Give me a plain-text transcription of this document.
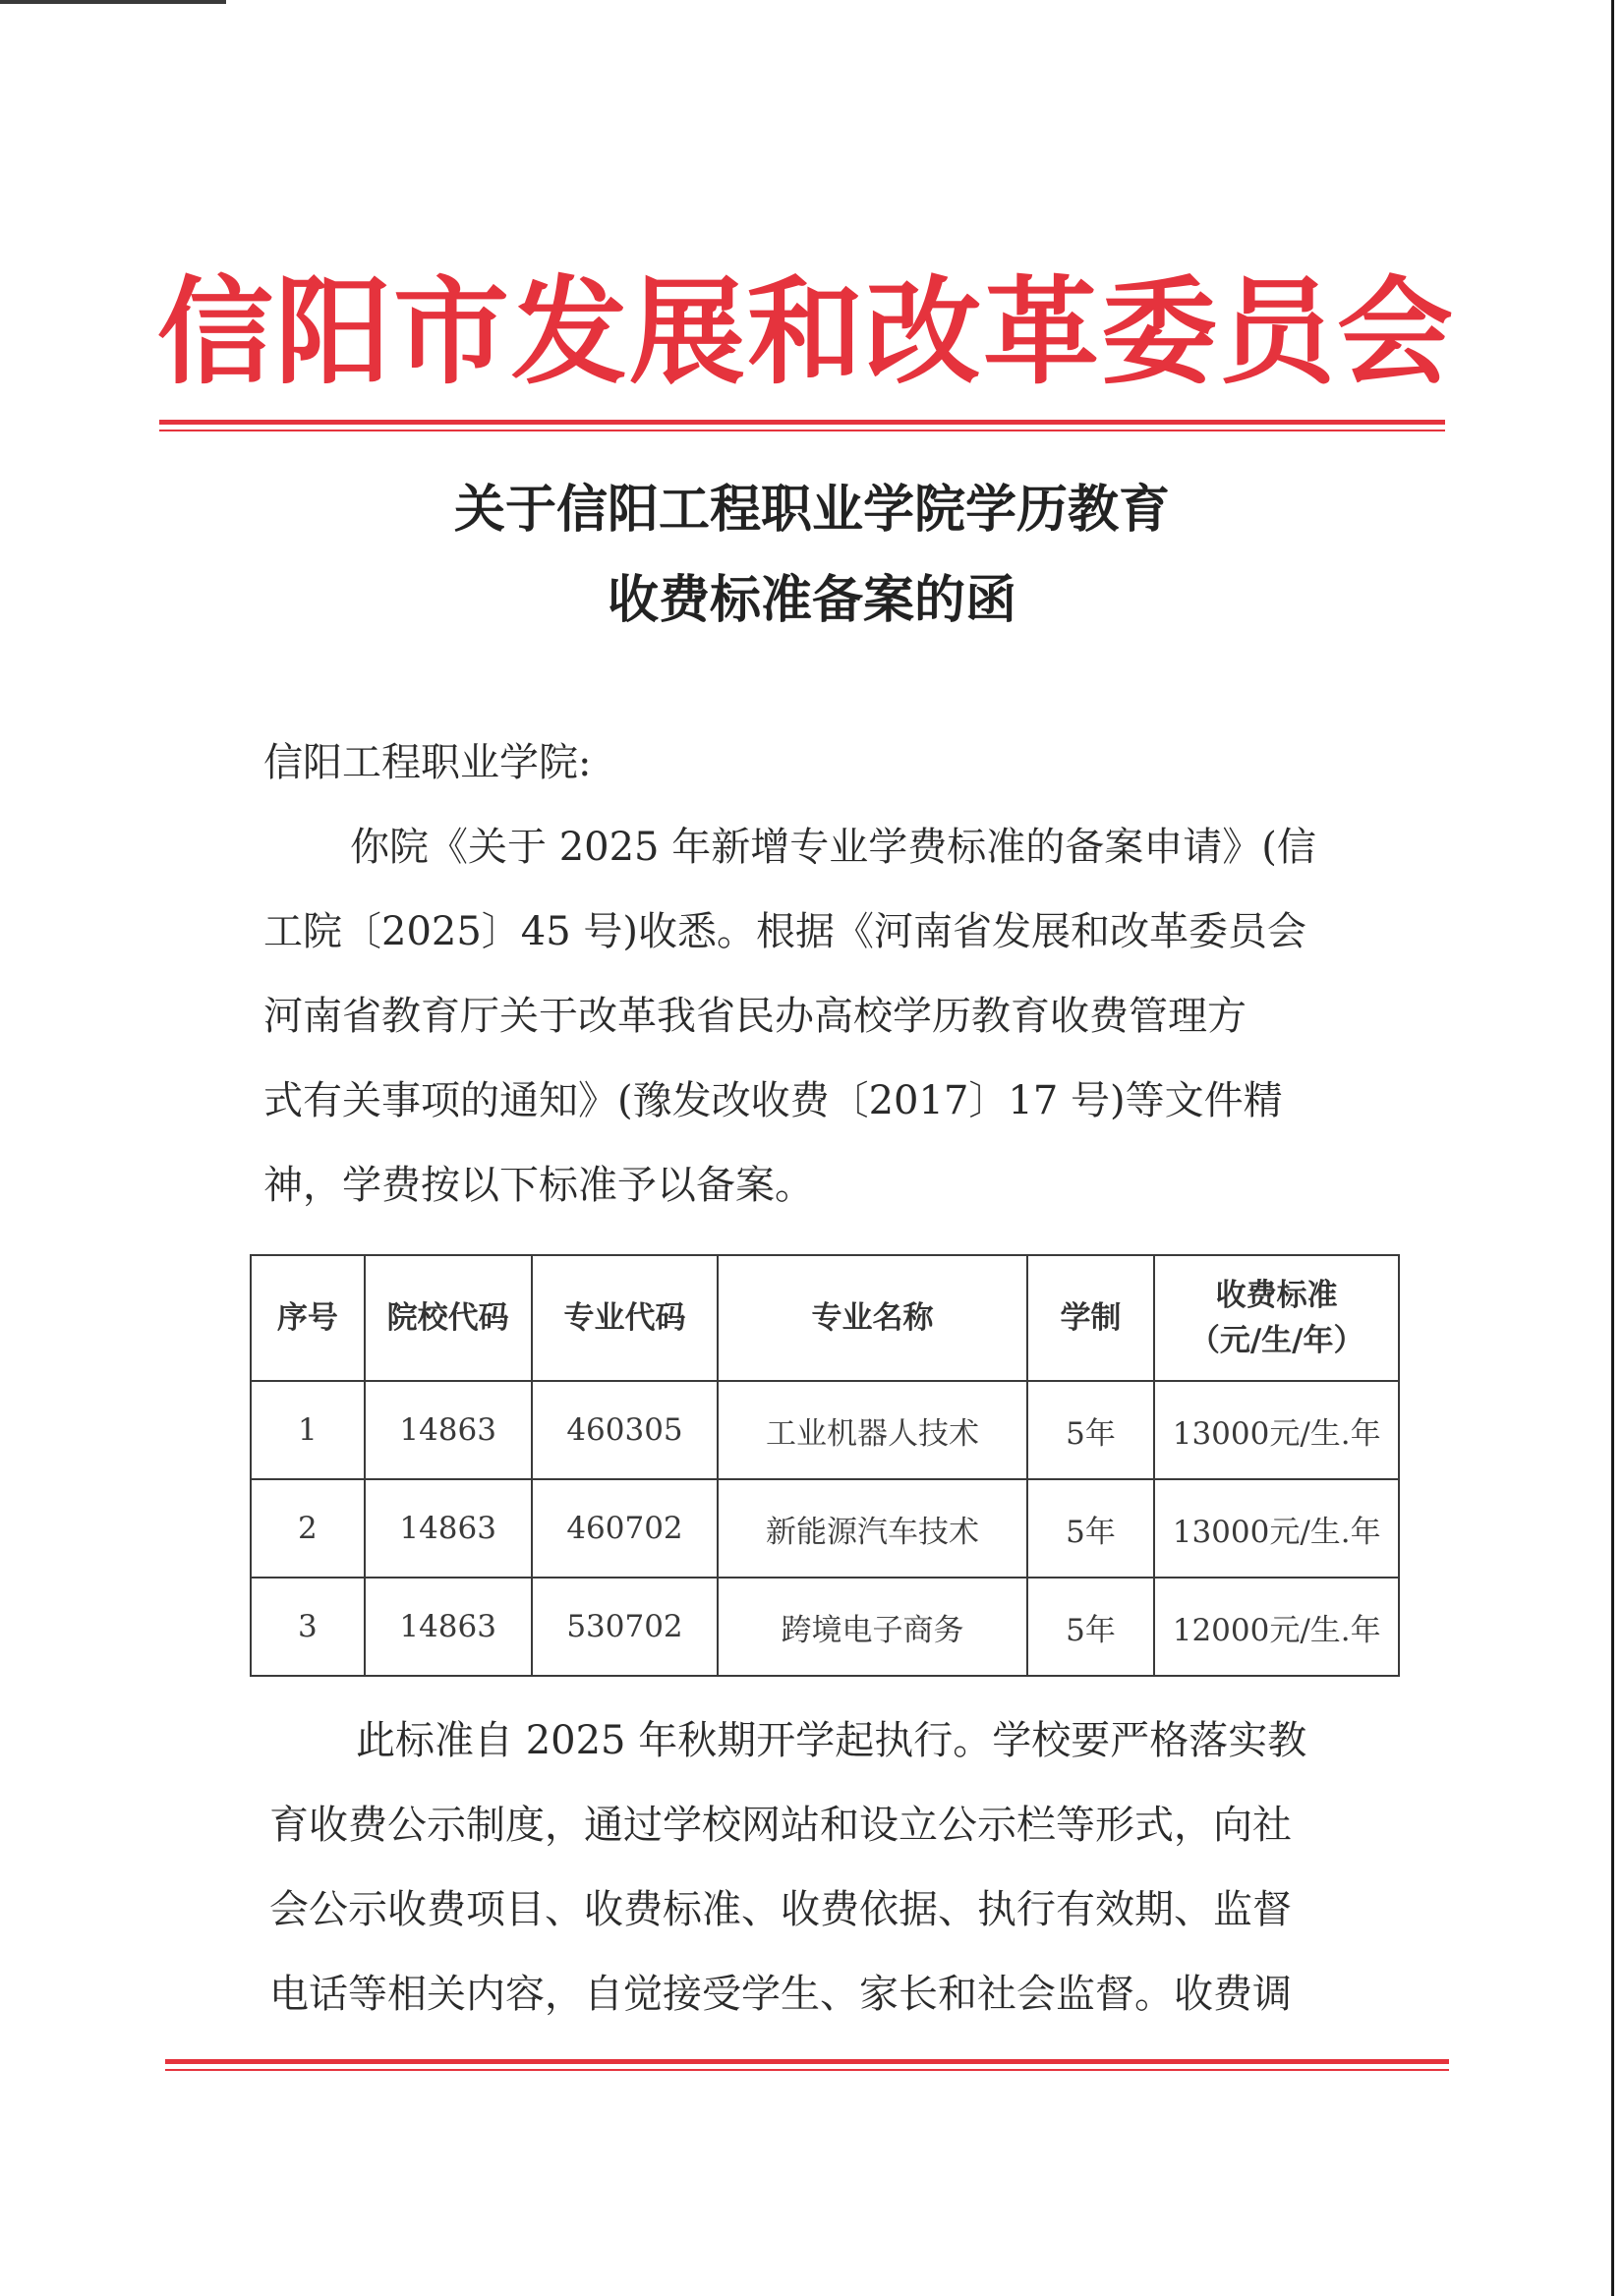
信阳市发展和改革委员会
关于信阳工程职业学院学历教育
收费标准备案的函
信阳工程职业学院:
你院《关于 2025 年新增专业学费标准的备案申请》(信
工院〔2025〕45 号)收悉。根据《河南省发展和改革委员会
河南省教育厅关于改革我省民办高校学历教育收费管理方
式有关事项的通知》(豫发改收费〔2017〕17 号)等文件精
神，学费按以下标准予以备案。
序号	院校代码	专业代码	专业名称	学制	收费标准
（元/生/年）

1	14863	460305	工业机器人技术	5年	13000元/生.年
2	14863	460702	新能源汽车技术	5年	13000元/生.年
3	14863	530702	跨境电子商务	5年	12000元/生.年
此标准自 2025 年秋期开学起执行。学校要严格落实教
育收费公示制度，通过学校网站和设立公示栏等形式，向社
会公示收费项目、收费标准、收费依据、执行有效期、监督
电话等相关内容，自觉接受学生、家长和社会监督。收费调
